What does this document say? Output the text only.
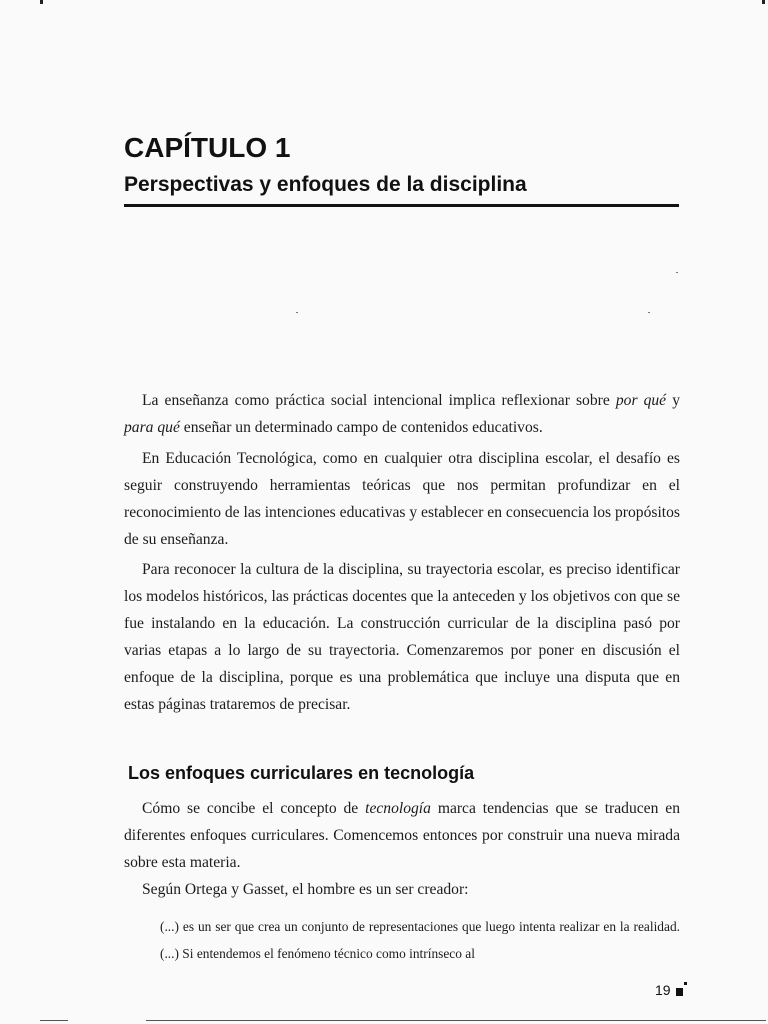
CAPÍTULO 1
Perspectivas y enfoques de la disciplina

La enseñanza como práctica social intencional implica reflexionar sobre por qué y para qué enseñar un determinado campo de contenidos educativos.

En Educación Tecnológica, como en cualquier otra disciplina escolar, el desafío es seguir construyendo herramientas teóricas que nos permitan profundizar en el reconocimiento de las intenciones educativas y establecer en consecuencia los propósitos de su enseñanza.

Para reconocer la cultura de la disciplina, su trayectoria escolar, es preciso identificar los modelos históricos, las prácticas docentes que la anteceden y los objetivos con que se fue instalando en la educación. La construcción curricular de la disciplina pasó por varias etapas a lo largo de su trayectoria. Comenzaremos por poner en discusión el enfoque de la disciplina, porque es una problemática que incluye una disputa que en estas páginas trataremos de precisar.

Los enfoques curriculares en tecnología

Cómo se concibe el concepto de tecnología marca tendencias que se traducen en diferentes enfoques curriculares. Comencemos entonces por construir una nueva mirada sobre esta materia.

Según Ortega y Gasset, el hombre es un ser creador:

(...) es un ser que crea un conjunto de representaciones que luego intenta realizar en la realidad. (...) Si entendemos el fenómeno técnico como intrínseco al

19
